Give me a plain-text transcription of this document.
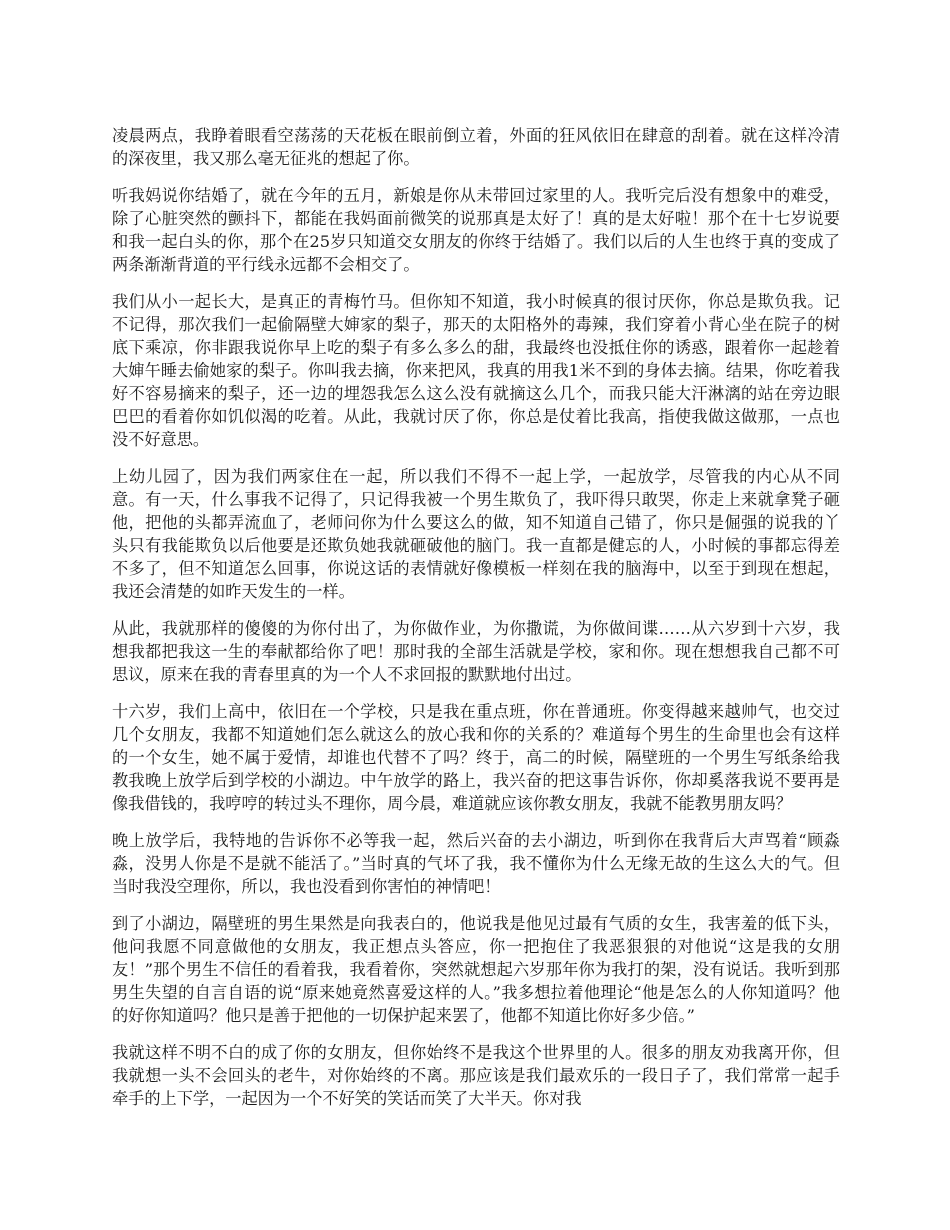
凌晨两点，我睁着眼看空荡荡的天花板在眼前倒立着，外面的狂风依旧在肆意的刮着。就在这样冷清的深夜里，我又那么毫无征兆的想起了你。

听我妈说你结婚了，就在今年的五月，新娘是你从未带回过家里的人。我听完后没有想象中的难受，除了心脏突然的颤抖下，都能在我妈面前微笑的说那真是太好了！真的是太好啦！那个在十七岁说要和我一起白头的你，那个在25岁只知道交女朋友的你终于结婚了。我们以后的人生也终于真的变成了两条渐渐背道的平行线永远都不会相交了。

我们从小一起长大，是真正的青梅竹马。但你知不知道，我小时候真的很讨厌你，你总是欺负我。记不记得，那次我们一起偷隔壁大婶家的梨子，那天的太阳格外的毒辣，我们穿着小背心坐在院子的树底下乘凉，你非跟我说你早上吃的梨子有多么多么的甜，我最终也没抵住你的诱惑，跟着你一起趁着大婶午睡去偷她家的梨子。你叫我去摘，你来把风，我真的用我1米不到的身体去摘。结果，你吃着我好不容易摘来的梨子，还一边的埋怨我怎么这么没有就摘这么几个，而我只能大汗淋漓的站在旁边眼巴巴的看着你如饥似渴的吃着。从此，我就讨厌了你，你总是仗着比我高，指使我做这做那，一点也没不好意思。

上幼儿园了，因为我们两家住在一起，所以我们不得不一起上学，一起放学，尽管我的内心从不同意。有一天，什么事我不记得了，只记得我被一个男生欺负了，我吓得只敢哭，你走上来就拿凳子砸他，把他的头都弄流血了，老师问你为什么要这么的做，知不知道自己错了，你只是倔强的说我的丫头只有我能欺负以后他要是还欺负她我就砸破他的脑门。我一直都是健忘的人，小时候的事都忘得差不多了，但不知道怎么回事，你说这话的表情就好像模板一样刻在我的脑海中，以至于到现在想起，我还会清楚的如昨天发生的一样。

从此，我就那样的傻傻的为你付出了，为你做作业，为你撒谎，为你做间谍……从六岁到十六岁，我想我都把我这一生的奉献都给你了吧！那时我的全部生活就是学校，家和你。现在想想我自己都不可思议，原来在我的青春里真的为一个人不求回报的默默地付出过。

十六岁，我们上高中，依旧在一个学校，只是我在重点班，你在普通班。你变得越来越帅气，也交过几个女朋友，我都不知道她们怎么就这么的放心我和你的关系的？难道每个男生的生命里也会有这样的一个女生，她不属于爱情，却谁也代替不了吗？终于，高二的时候，隔壁班的一个男生写纸条给我教我晚上放学后到学校的小湖边。中午放学的路上，我兴奋的把这事告诉你，你却奚落我说不要再是像我借钱的，我哼哼的转过头不理你，周今晨，难道就应该你教女朋友，我就不能教男朋友吗？

晚上放学后，我特地的告诉你不必等我一起，然后兴奋的去小湖边，听到你在我背后大声骂着“顾淼淼，没男人你是不是就不能活了。”当时真的气坏了我，我不懂你为什么无缘无故的生这么大的气。但当时我没空理你，所以，我也没看到你害怕的神情吧！

到了小湖边，隔壁班的男生果然是向我表白的，他说我是他见过最有气质的女生，我害羞的低下头，他问我愿不同意做他的女朋友，我正想点头答应，你一把抱住了我恶狠狠的对他说“这是我的女朋友！”那个男生不信任的看着我，我看着你，突然就想起六岁那年你为我打的架，没有说话。我听到那男生失望的自言自语的说“原来她竟然喜爱这样的人。”我多想拉着他理论“他是怎么的人你知道吗？他的好你知道吗？他只是善于把他的一切保护起来罢了，他都不知道比你好多少倍。”

我就这样不明不白的成了你的女朋友，但你始终不是我这个世界里的人。很多的朋友劝我离开你，但我就想一头不会回头的老牛，对你始终的不离。那应该是我们最欢乐的一段日子了，我们常常一起手牵手的上下学，一起因为一个不好笑的笑话而笑了大半天。你对我
